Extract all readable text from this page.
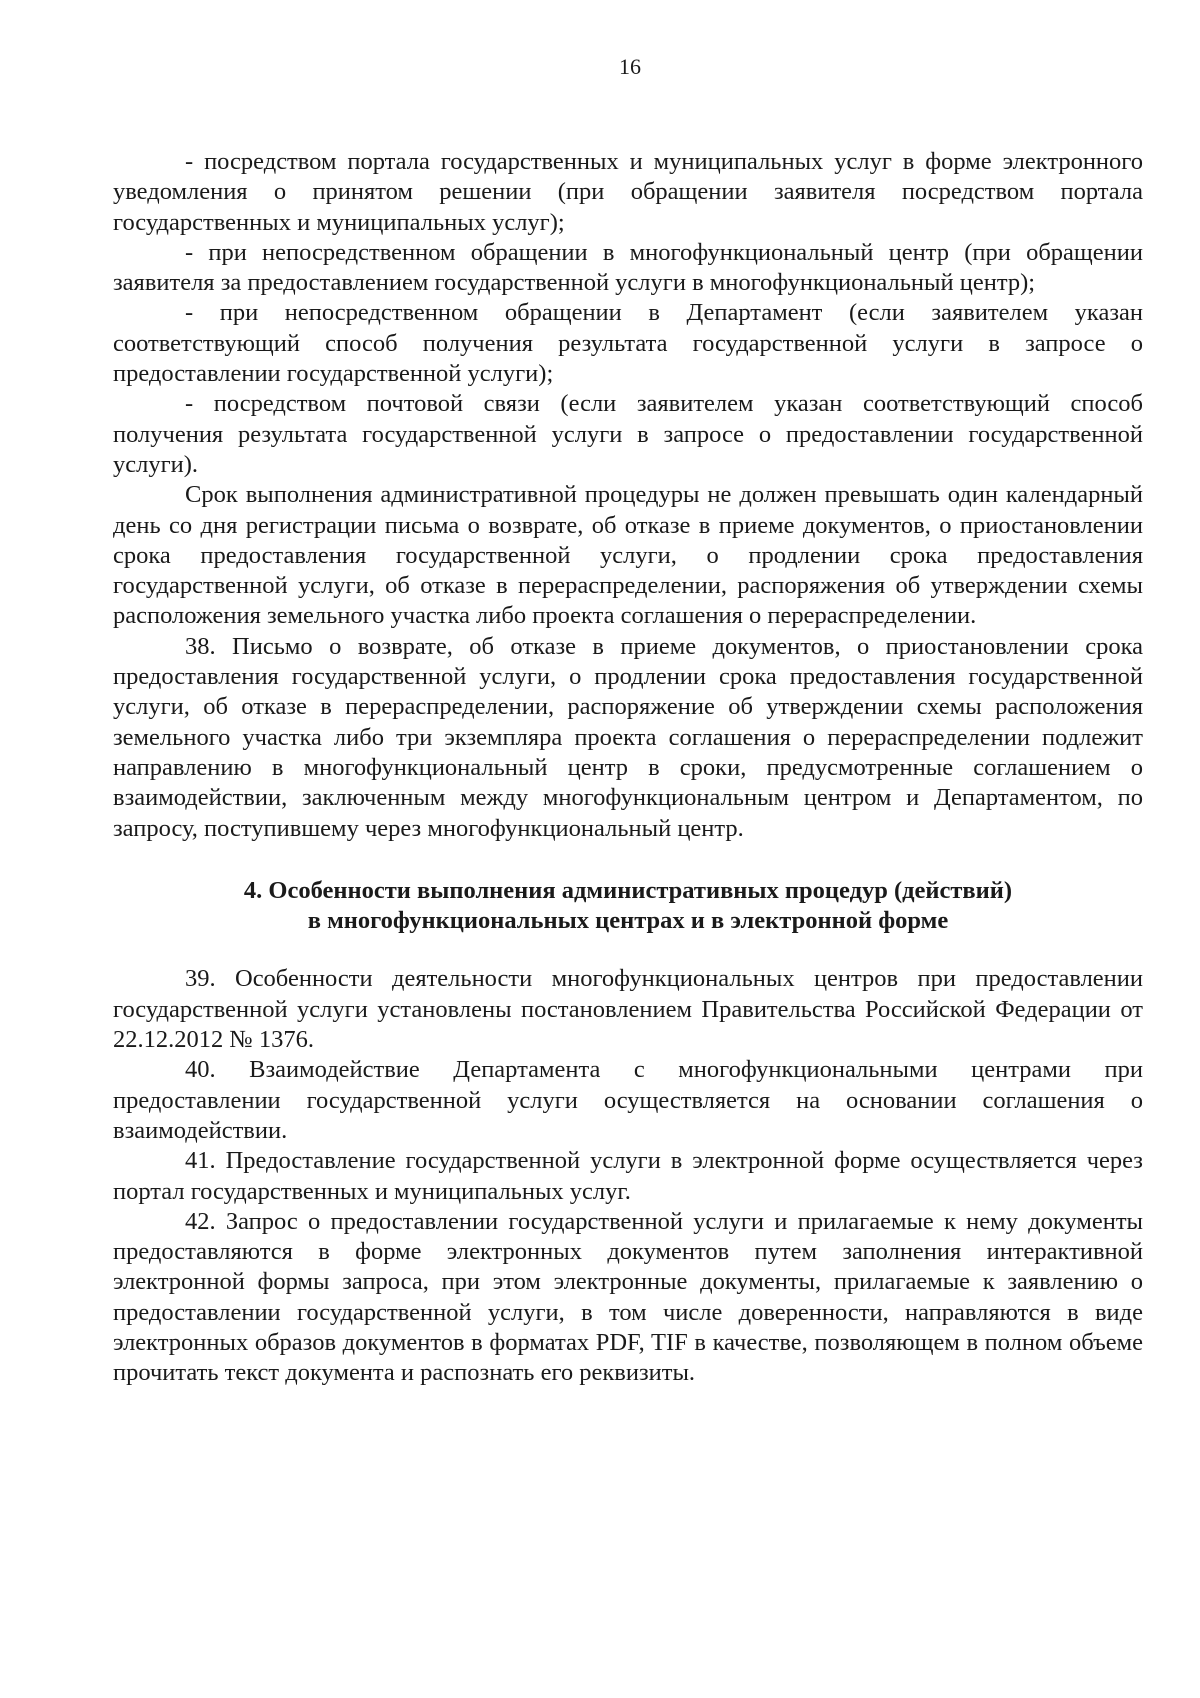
16

- посредством портала государственных и муниципальных услуг в форме электронного уведомления о принятом решении (при обращении заявителя посредством портала государственных и муниципальных услуг);

- при непосредственном обращении в многофункциональный центр (при обращении заявителя за предоставлением государственной услуги в многофункциональный центр);

- при непосредственном обращении в Департамент (если заявителем указан соответствующий способ получения результата государственной услуги в запросе о предоставлении государственной услуги);

- посредством почтовой связи (если заявителем указан соответствующий способ получения результата государственной услуги в запросе о предоставлении государственной услуги).

Срок выполнения административной процедуры не должен превышать один календарный день со дня регистрации письма о возврате, об отказе в приеме документов, о приостановлении срока предоставления государственной услуги, о продлении срока предоставления государственной услуги, об отказе в перераспределении, распоряжения об утверждении схемы расположения земельного участка либо проекта соглашения о перераспределении.

38. Письмо о возврате, об отказе в приеме документов, о приостановлении срока предоставления государственной услуги, о продлении срока предоставления государственной услуги, об отказе в перераспределении, распоряжение об утверждении схемы расположения земельного участка либо три экземпляра проекта соглашения о перераспределении подлежит направлению в многофункциональный центр в сроки, предусмотренные соглашением о взаимодействии, заключенным между многофункциональным центром и Департаментом, по запросу, поступившему через многофункциональный центр.

4. Особенности выполнения административных процедур (действий)
в многофункциональных центрах и в электронной форме

39. Особенности деятельности многофункциональных центров при предоставлении государственной услуги установлены постановлением Правительства Российской Федерации от 22.12.2012 № 1376.

40. Взаимодействие Департамента с многофункциональными центрами при предоставлении государственной услуги осуществляется на основании соглашения о взаимодействии.

41. Предоставление государственной услуги в электронной форме осуществляется через портал государственных и муниципальных услуг.

42. Запрос о предоставлении государственной услуги и прилагаемые к нему документы предоставляются в форме электронных документов путем заполнения интерактивной электронной формы запроса, при этом электронные документы, прилагаемые к заявлению о предоставлении государственной услуги, в том числе доверенности, направляются в виде электронных образов документов в форматах PDF, TIF в качестве, позволяющем в полном объеме прочитать текст документа и распознать его реквизиты.
